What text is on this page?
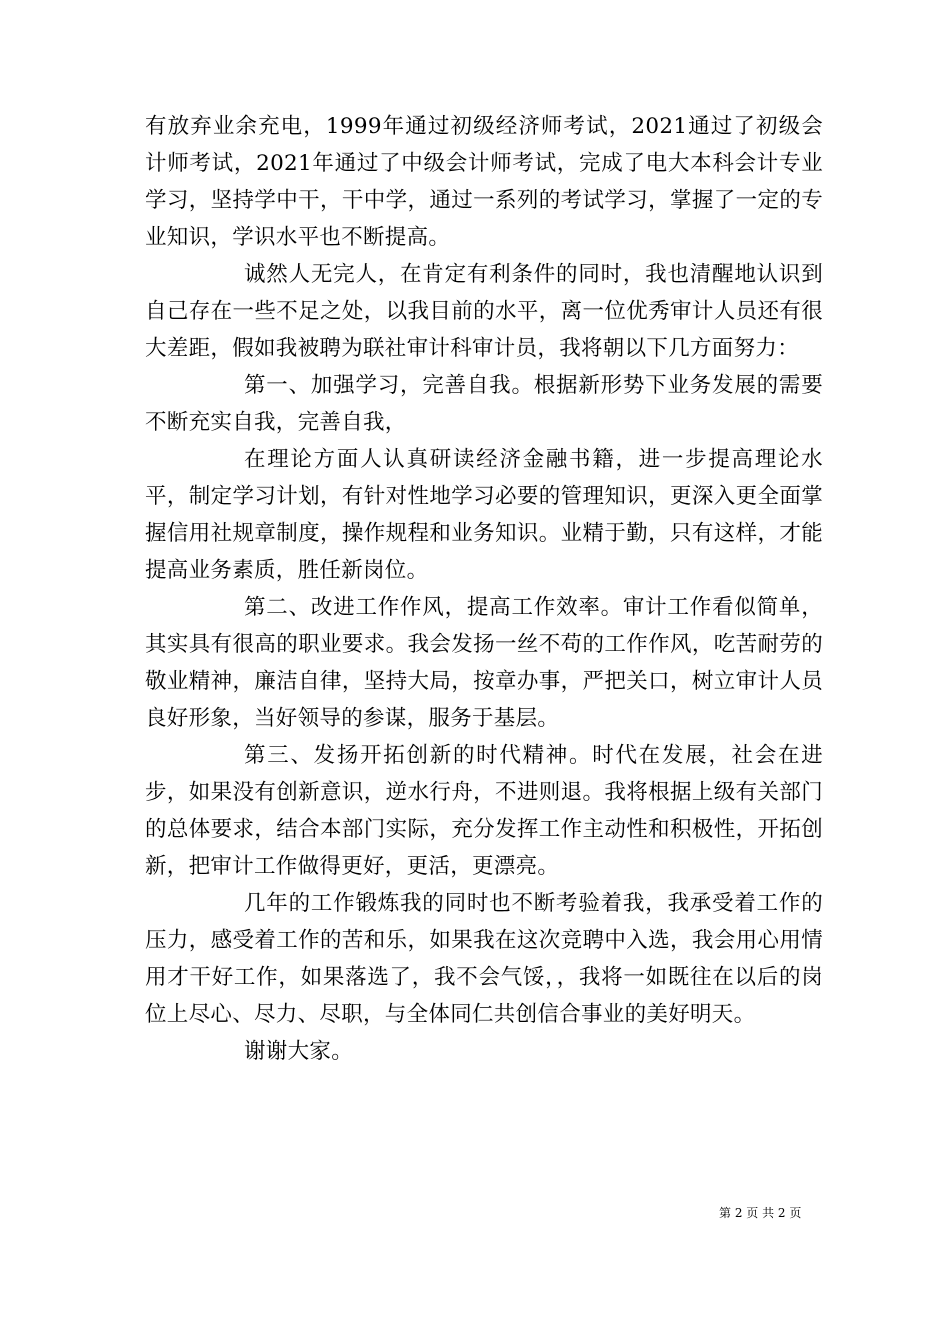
有放弃业余充电，1999年通过初级经济师考试，2021通过了初级会计师考试，2021年通过了中级会计师考试，完成了电大本科会计专业学习，坚持学中干，干中学，通过一系列的考试学习，掌握了一定的专业知识，学识水平也不断提高。

诚然人无完人，在肯定有利条件的同时，我也清醒地认识到自己存在一些不足之处，以我目前的水平，离一位优秀审计人员还有很大差距，假如我被聘为联社审计科审计员，我将朝以下几方面努力：

第一、加强学习，完善自我。根据新形势下业务发展的需要不断充实自我，完善自我，

在理论方面人认真研读经济金融书籍，进一步提高理论水平，制定学习计划，有针对性地学习必要的管理知识，更深入更全面掌握信用社规章制度，操作规程和业务知识。业精于勤，只有这样，才能提高业务素质，胜任新岗位。

第二、改进工作作风，提高工作效率。审计工作看似简单，其实具有很高的职业要求。我会发扬一丝不苟的工作作风，吃苦耐劳的敬业精神，廉洁自律，坚持大局，按章办事，严把关口，树立审计人员良好形象，当好领导的参谋，服务于基层。

第三、发扬开拓创新的时代精神。时代在发展，社会在进步，如果没有创新意识，逆水行舟，不进则退。我将根据上级有关部门的总体要求，结合本部门实际，充分发挥工作主动性和积极性，开拓创新，把审计工作做得更好，更活，更漂亮。

几年的工作锻炼我的同时也不断考验着我，我承受着工作的压力，感受着工作的苦和乐，如果我在这次竞聘中入选，我会用心用情用才干好工作，如果落选了，我不会气馁，，我将一如既往在以后的岗位上尽心、尽力、尽职，与全体同仁共创信合事业的美好明天。

谢谢大家。

第 2 页 共 2 页
